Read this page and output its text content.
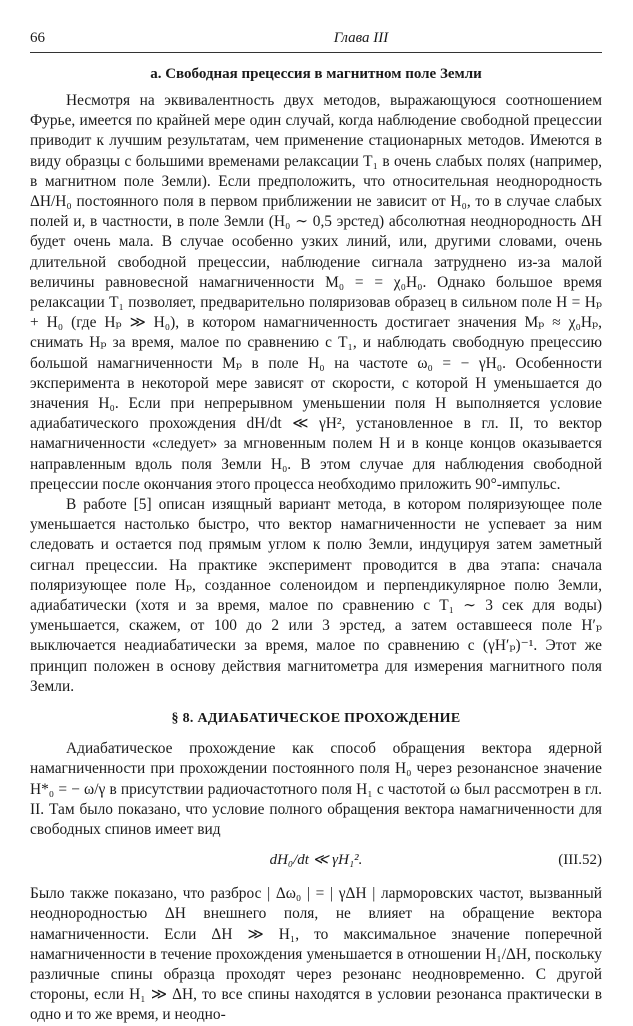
66	Глава III
а. Свободная прецессия в магнитном поле Земли

Несмотря на эквивалентность двух методов, выражающуюся соотношением Фурье, имеется по крайней мере один случай, когда наблюдение свободной прецессии приводит к лучшим результатам, чем применение стационарных методов. Имеются в виду образцы с большими временами релаксации T₁ в очень слабых полях (например, в магнитном поле Земли). Если предположить, что относительная неоднородность ΔH/H₀ постоянного поля в первом приближении не зависит от H₀, то в случае слабых полей и, в частности, в поле Земли (H₀ ∼ 0,5 эрстед) абсолютная неоднородность ΔH будет очень мала. В случае особенно узких линий, или, другими словами, очень длительной свободной прецессии, наблюдение сигнала затруднено из-за малой величины равновесной намагниченности M₀ = = χ₀H₀. Однако большое время релаксации T₁ позволяет, предварительно поляризовав образец в сильном поле H = Hₚ + H₀ (где Hₚ ≫ H₀), в котором намагниченность достигает значения Mₚ ≈ χ₀Hₚ, снимать Hₚ за время, малое по сравнению с T₁, и наблюдать свободную прецессию большой намагниченности Mₚ в поле H₀ на частоте ω₀ = − γH₀. Особенности эксперимента в некоторой мере зависят от скорости, с которой H уменьшается до значения H₀. Если при непрерывном уменьшении поля H выполняется условие адиабатического прохождения dH/dt ≪ γH², установленное в гл. II, то вектор намагниченности «следует» за мгновенным полем H и в конце концов оказывается направленным вдоль поля Земли H₀. В этом случае для наблюдения свободной прецессии после окончания этого процесса необходимо приложить 90°-импульс.

В работе [5] описан изящный вариант метода, в котором поляризующее поле уменьшается настолько быстро, что вектор намагниченности не успевает за ним следовать и остается под прямым углом к полю Земли, индуцируя затем заметный сигнал прецессии. На практике эксперимент проводится в два этапа: сначала поляризующее поле Hₚ, созданное соленоидом и перпендикулярное полю Земли, адиабатически (хотя и за время, малое по сравнению с T₁ ∼ 3 сек для воды) уменьшается, скажем, от 100 до 2 или 3 эрстед, а затем оставшееся поле H′ₚ выключается неадиабатически за время, малое по сравнению с (γH′ₚ)⁻¹. Этот же принцип положен в основу действия магнитометра для измерения магнитного поля Земли.

§ 8. АДИАБАТИЧЕСКОЕ ПРОХОЖДЕНИЕ

Адиабатическое прохождение как способ обращения вектора ядерной намагниченности при прохождении постоянного поля H₀ через резонансное значение H*₀ = − ω/γ в присутствии радиочастотного поля H₁ с частотой ω был рассмотрен в гл. II. Там было показано, что условие полного обращения вектора намагниченности для свободных спинов имеет вид

dH₀/dt ≪ γH₁².	(III.52)

Было также показано, что разброс | Δω₀ | = | γΔH | ларморовских частот, вызванный неоднородностью ΔH внешнего поля, не влияет на обращение вектора намагниченности. Если ΔH ≫ H₁, то максимальное значение поперечной намагниченности в течение прохождения уменьшается в отношении H₁/ΔH, поскольку различные спины образца проходят через резонанс неодновременно. С другой стороны, если H₁ ≫ ΔH, то все спины находятся в условии резонанса практически в одно и то же время, и неодно-
